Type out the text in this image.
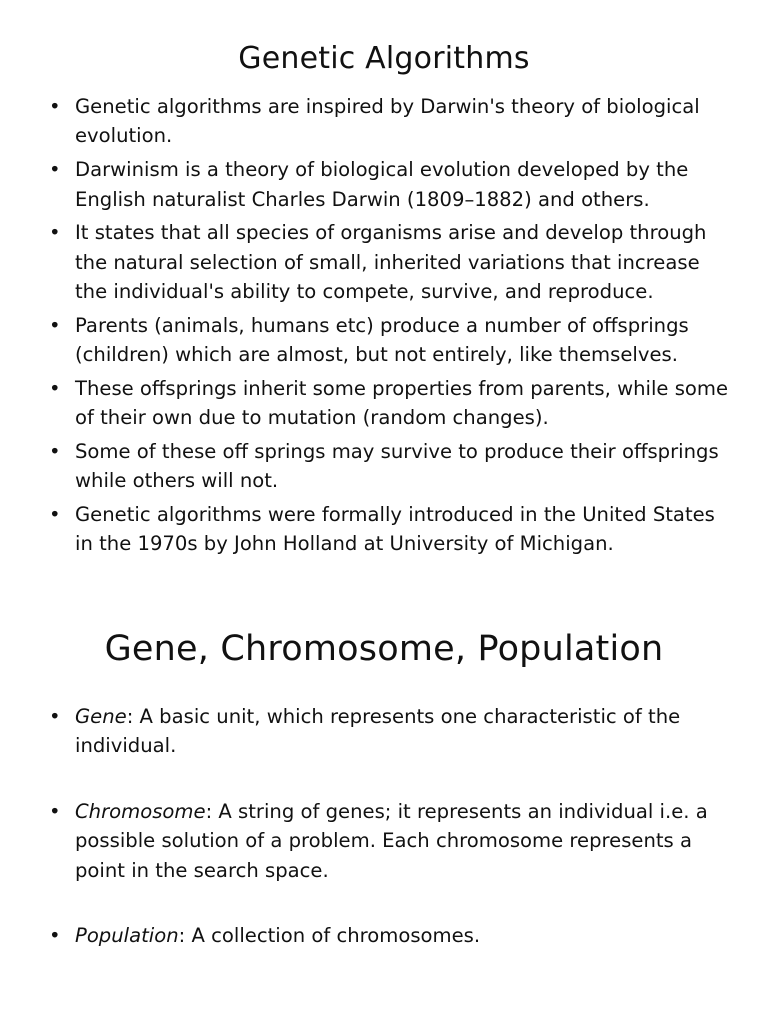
Genetic Algorithms
• Genetic algorithms are inspired by Darwin's theory of biological evolution.
• Darwinism is a theory of biological evolution developed by the English naturalist Charles Darwin (1809–1882) and others.
• It states that all species of organisms arise and develop through the natural selection of small, inherited variations that increase the individual's ability to compete, survive, and reproduce.
• Parents (animals, humans etc) produce a number of offsprings (children) which are almost, but not entirely, like themselves.
• These offsprings inherit some properties from parents, while some of their own due to mutation (random changes).
• Some of these off springs may survive to produce their offsprings while others will not.
• Genetic algorithms were formally introduced in the United States in the 1970s by John Holland at University of Michigan.
Gene, Chromosome, Population
• Gene: A basic unit, which represents one characteristic of the individual.
• Chromosome: A string of genes; it represents an individual i.e. a possible solution of a problem. Each chromosome represents a point in the search space.
• Population: A collection of chromosomes.
